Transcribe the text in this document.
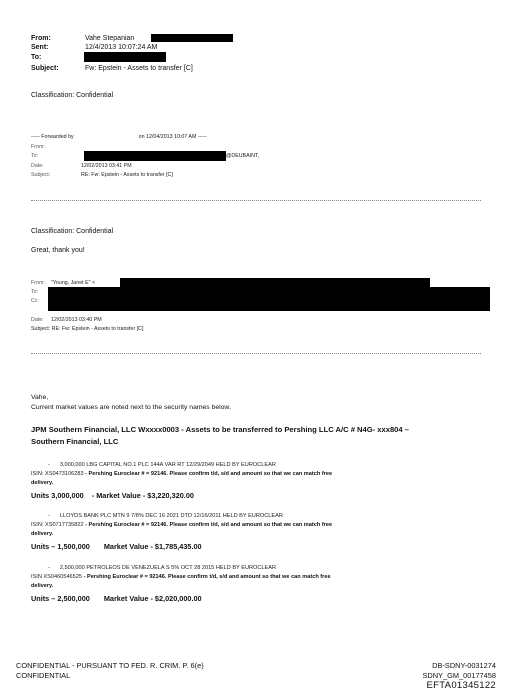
From:	Vahe Stepanian
Sent:	12/4/2013 10:07:24 AM
To:
Subject:	Fw: Epstein - Assets to transfer [C]
Classification: Confidential
----- Forwarded by	on 12/04/2013 10:07 AM -----
From:
To:	@DEUBAINT,
Date:	12/02/2013 03:41 PM
Subject:	RE: Fw: Epstein - Assets to transfer [C]
Classification: Confidential
Great, thank you!
From: "Young, Janet E" <
To:
Cc:
Date: 12/02/2013 03:40 PM
Subject: RE: Fw: Epstein - Assets to transfer [C]
Vahe,
Current market values are noted next to the security names below.
JPM Southern Financial, LLC Wxxxx0003 - Assets to be transferred to Pershing LLC A/C # N4G- xxx804 –
Southern Financial, LLC
- 3,000,000 LBG CAPITAL NO.1 PLC 144A VAR RT 12/29/2049 HELD BY EUROCLEAR
ISIN: XS0473106283 - Pershing Euroclear # = 92146. Please confirm t/d, s/d and amount so that we can match free
delivery.
Units 3,000,000 - Market Value - $3,220,320.00
- LLOYDS BANK PLC MTN 9 7/8% DEC 16 2021 DTD 12/16/2011 HELD BY EUROCLEAR
ISIN: XS0717735822 - Pershing Euroclear # = 92146. Please confirm t/d, s/d and amount so that we can match free
delivery.
Units – 1,500,000 Market Value - $1,785,435.00
- 2,500,000 PETROLEOS DE VENEZUELA S 5% OCT 28 2015 HELD BY EUROCLEAR
ISIN XS0460546525 - Pershing Euroclear # = 92146. Please confirm t/d, s/d and amount so that we can match free
delivery.
Units – 2,500,000 Market Value - $2,020,000.00
CONFIDENTIAL - PURSUANT TO FED. R. CRIM. P. 6(e)
CONFIDENTIAL
DB-SDNY-0031274
SDNY_GM_00177458
EFTA01345122
